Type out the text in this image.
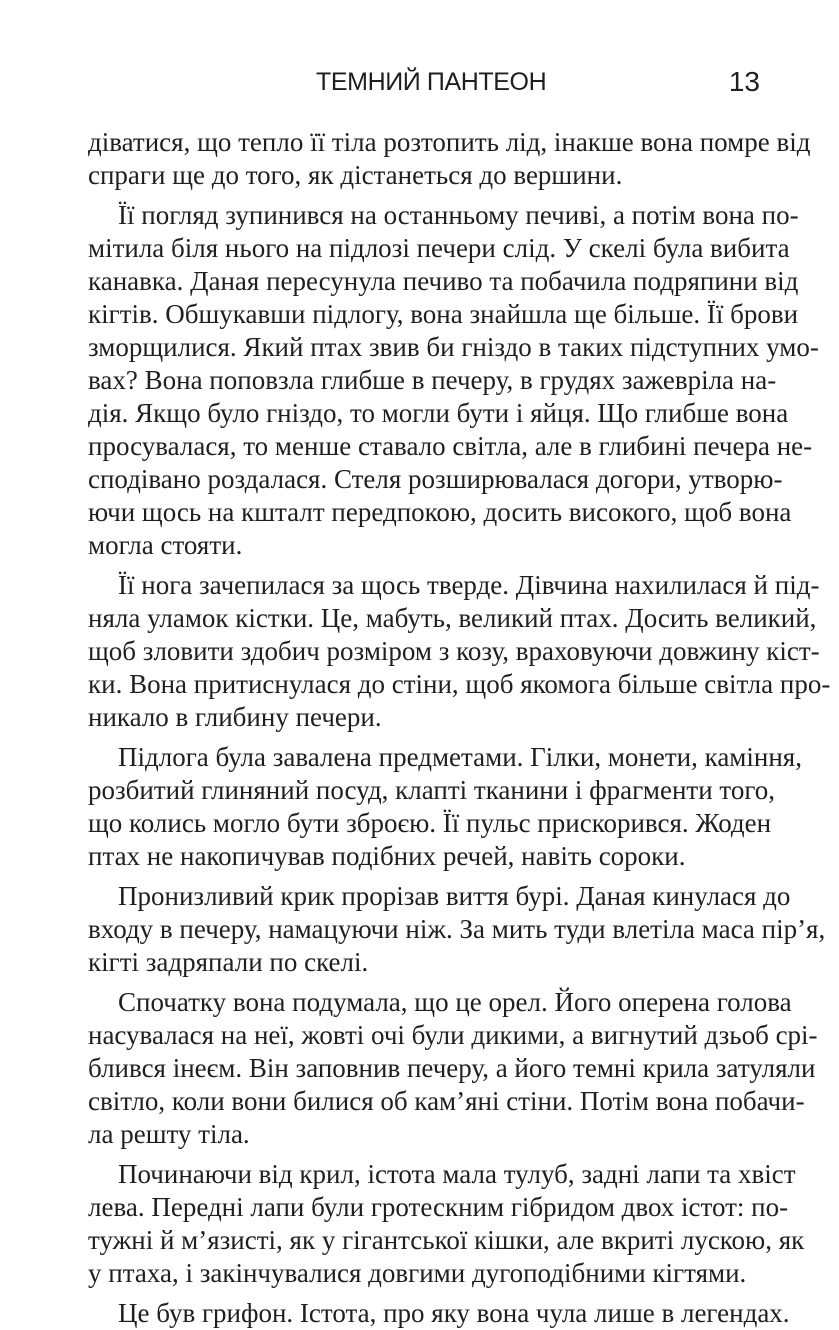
ТЕМНИЙ ПАНТЕОН	13
діватися, що тепло її тіла розтопить лід, інакше вона помре від
спраги ще до того, як дістанеться до вершини.
Її погляд зупинився на останньому печиві, а потім вона по-
мітила біля нього на підлозі печери слід. У скелі була вибита
канавка. Даная пересунула печиво та побачила подряпини від
кігтів. Обшукавши підлогу, вона знайшла ще більше. Її брови
зморщилися. Який птах звив би гніздо в таких підступних умо-
вах? Вона поповзла глибше в печеру, в грудях зажевріла на-
дія. Якщо було гніздо, то могли бути і яйця. Що глибше вона
просувалася, то менше ставало світла, але в глибині печера не-
сподівано роздалася. Стеля розширювалася догори, утворю-
ючи щось на кшталт передпокою, досить високого, щоб вона
могла стояти.
Її нога зачепилася за щось тверде. Дівчина нахилилася й під-
няла уламок кістки. Це, мабуть, великий птах. Досить великий,
щоб зловити здобич розміром з козу, враховуючи довжину кіст-
ки. Вона притиснулася до стіни, щоб якомога більше світла про-
никало в глибину печери.
Підлога була завалена предметами. Гілки, монети, каміння,
розбитий глиняний посуд, клапті тканини і фрагменти того,
що колись могло бути зброєю. Її пульс прискорився. Жоден
птах не накопичував подібних речей, навіть сороки.
Пронизливий крик прорізав виття бурі. Даная кинулася до
входу в печеру, намацуючи ніж. За мить туди влетіла маса пір’я,
кігті задряпали по скелі.
Спочатку вона подумала, що це орел. Його оперена голова
насувалася на неї, жовті очі були дикими, а вигнутий дзьоб срі-
блився інеєм. Він заповнив печеру, а його темні крила затуляли
світло, коли вони билися об кам’яні стіни. Потім вона побачи-
ла решту тіла.
Починаючи від крил, істота мала тулуб, задні лапи та хвіст
лева. Передні лапи були гротескним гібридом двох істот: по-
тужні й м’язисті, як у гігантської кішки, але вкриті лускою, як
у птаха, і закінчувалися довгими дугоподібними кігтями.
Це був грифон. Істота, про яку вона чула лише в легендах.
